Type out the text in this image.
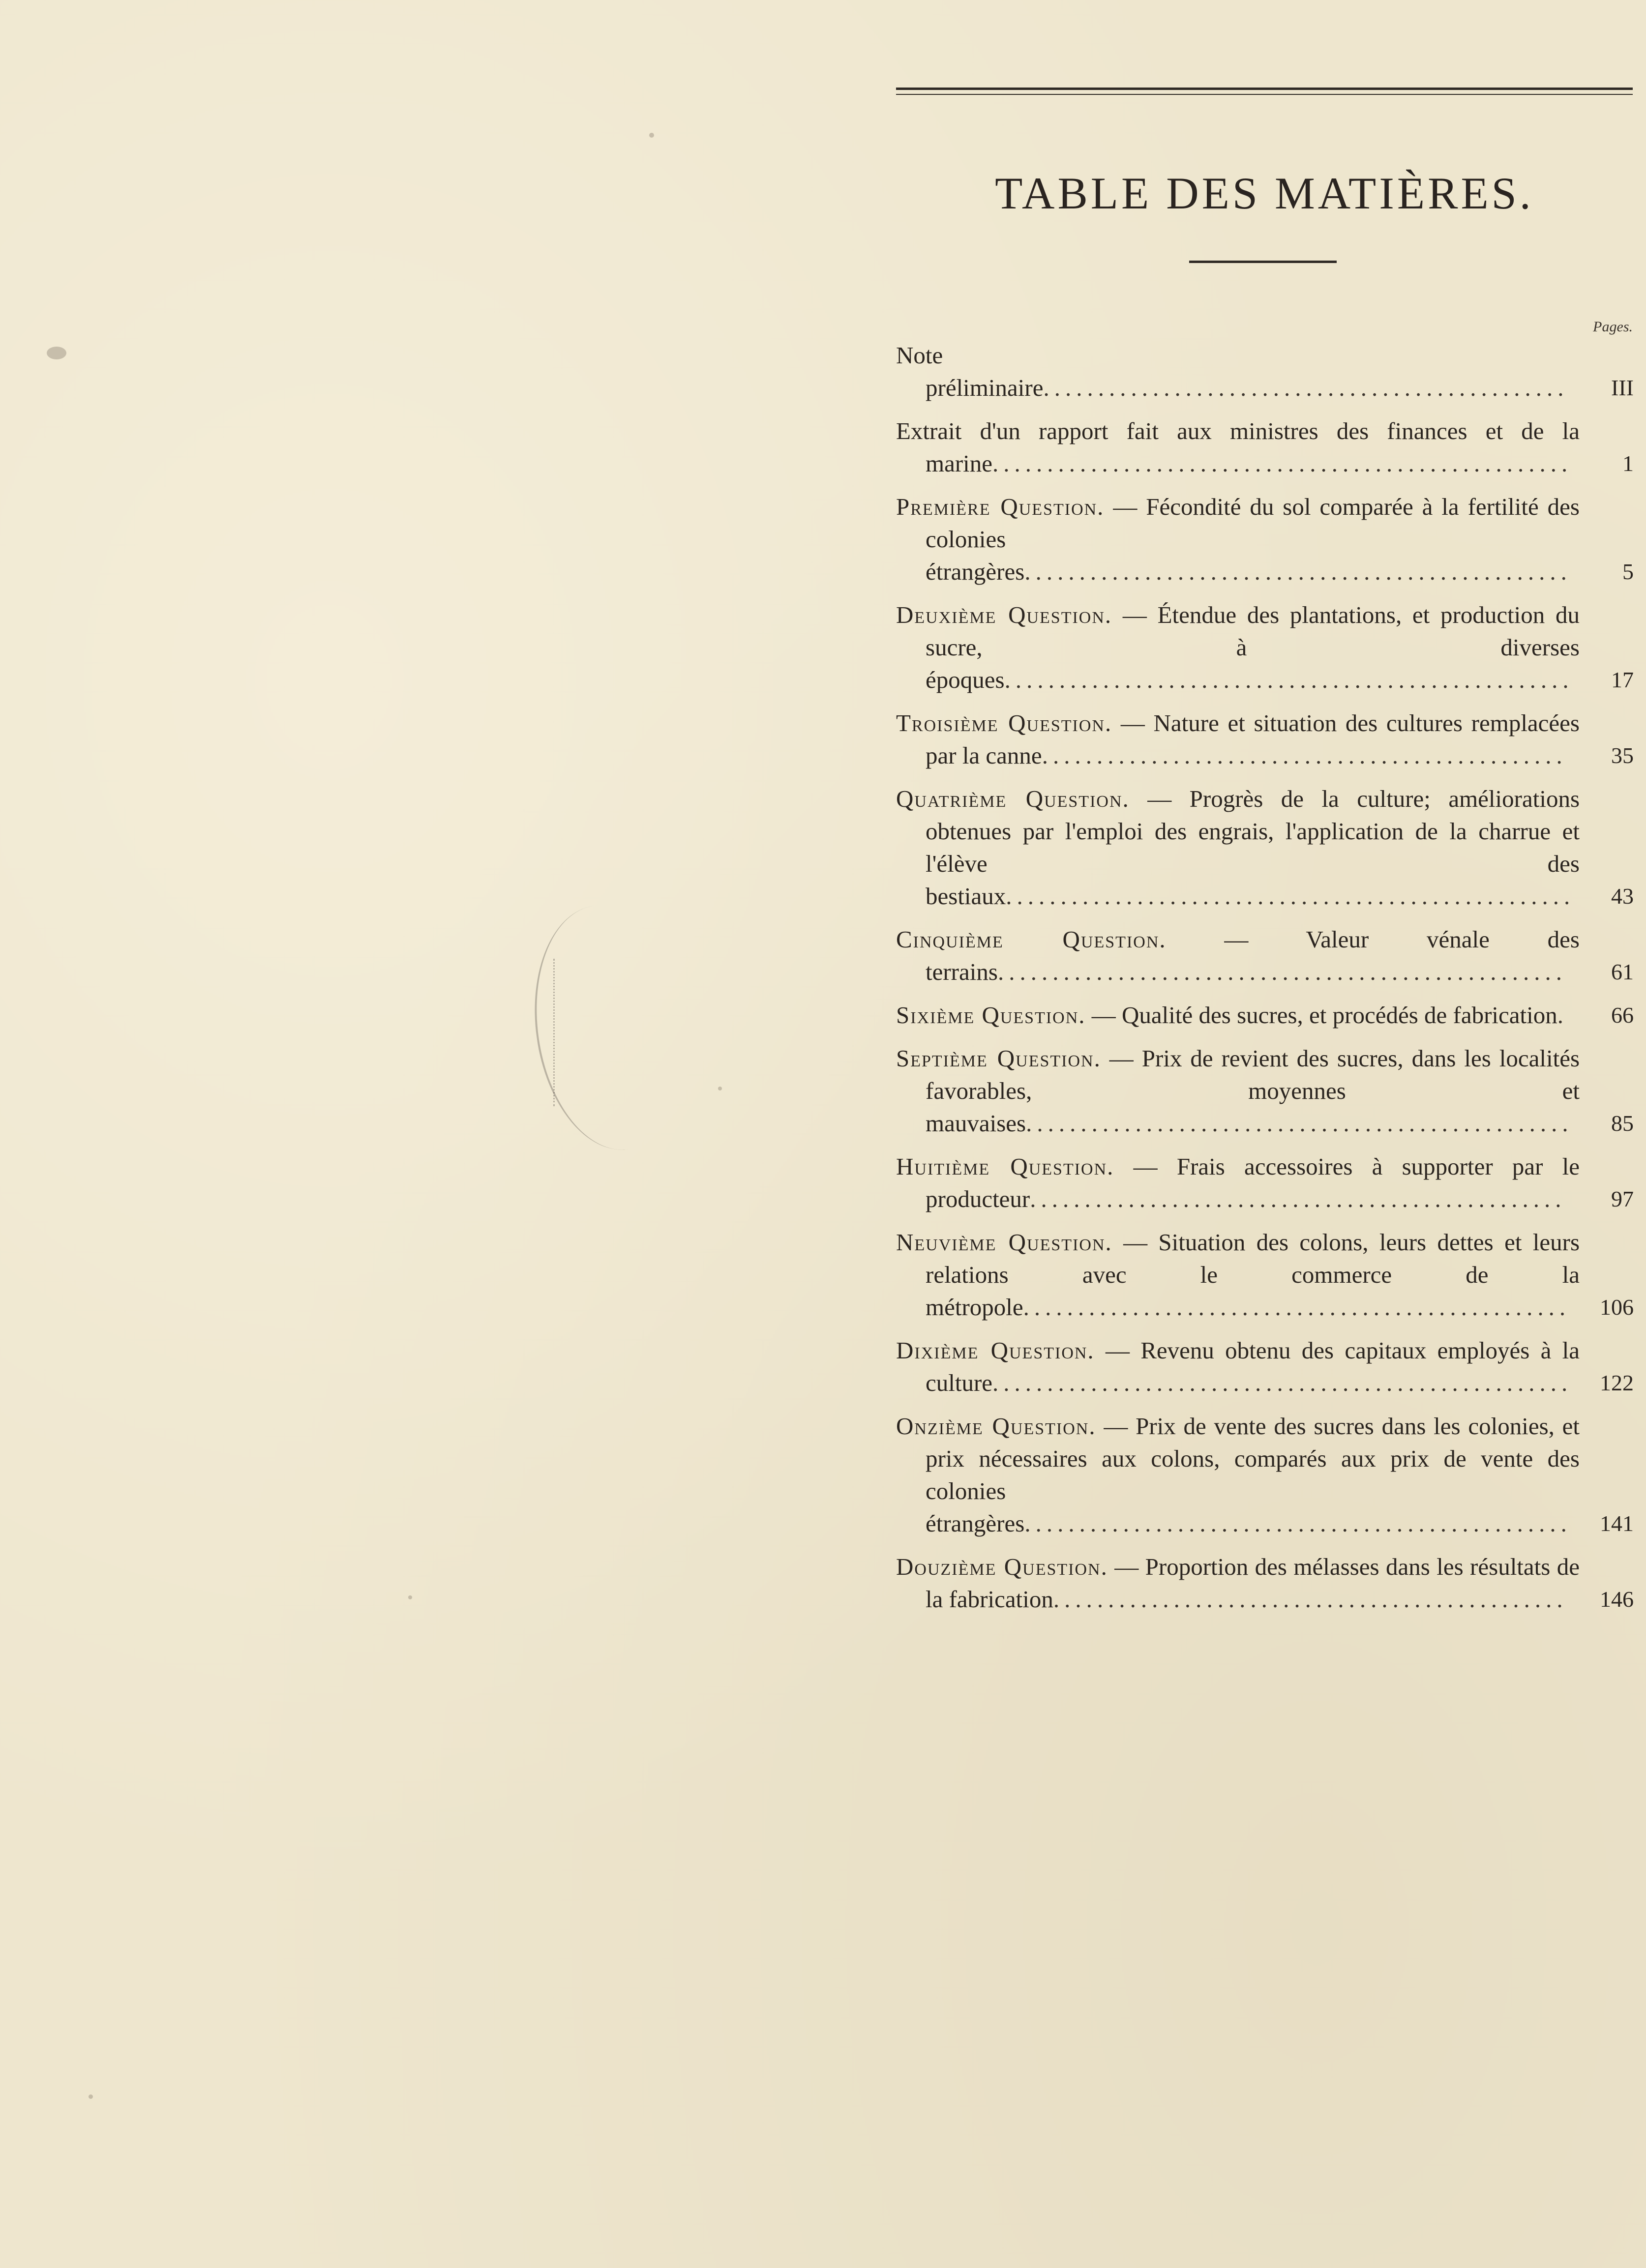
TABLE DES MATIÈRES.
Pages.
Note préliminaire................................................	III
Extrait d'un rapport fait aux ministres des finances et de la marine.....................................................	1
Première Question. — Fécondité du sol comparée à la fertilité des colonies étrangères..................................................	5
Deuxième Question. — Étendue des plantations, et production du sucre, à diverses époques....................................................	17
Troisième Question. — Nature et situation des cultures remplacées par la canne................................................	35
Quatrième Question. — Progrès de la culture; améliorations obtenues par l'emploi des engrais, l'application de la charrue et l'élève des bestiaux....................................................	43
Cinquième Question. — Valeur vénale des terrains....................................................	61
Sixième Question. — Qualité des sucres, et procédés de fabrication.	66
Septième Question. — Prix de revient des sucres, dans les localités favorables, moyennes et mauvaises..................................................	85
Huitième Question. — Frais accessoires à supporter par le producteur.................................................	97
Neuvième Question. — Situation des colons, leurs dettes et leurs relations avec le commerce de la métropole..................................................	106
Dixième Question. — Revenu obtenu des capitaux employés à la culture.....................................................	122
Onzième Question. — Prix de vente des sucres dans les colonies, et prix nécessaires aux colons, comparés aux prix de vente des colonies étrangères..................................................	141
Douzième Question. — Proportion des mélasses dans les résultats de la fabrication...............................................	146
